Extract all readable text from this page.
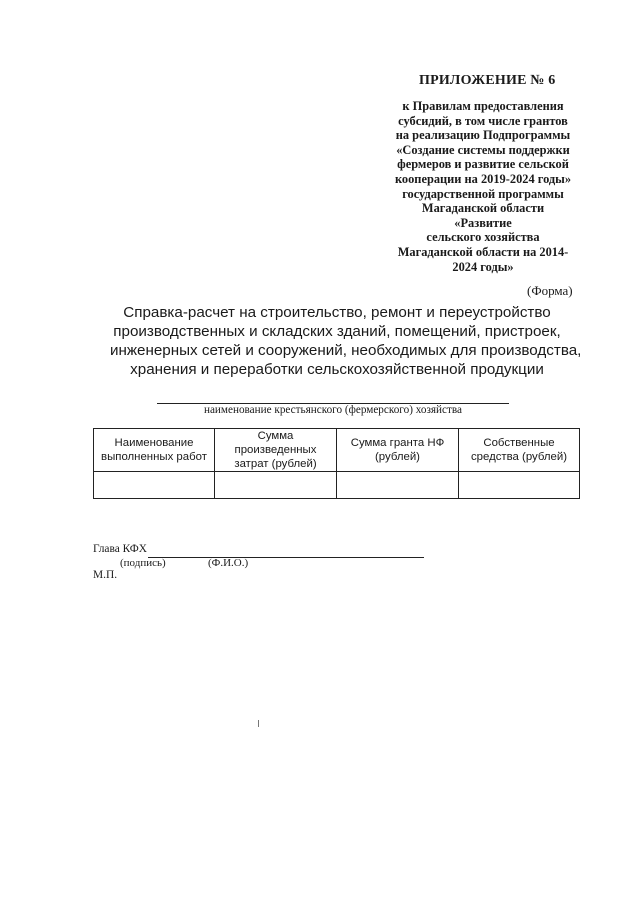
ПРИЛОЖЕНИЕ № 6
к Правилам предоставления
субсидий, в том числе грантов
на реализацию Подпрограммы
«Создание системы поддержки
фермеров и развитие сельской
кооперации на 2019-2024 годы»
государственной программы
Магаданской области
«Развитие
сельского хозяйства
Магаданской области на 2014-
2024 годы»
(Форма)
Справка-расчет на строительство, ремонт и переустройство
производственных и складских зданий, помещений, пристроек,
инженерных сетей и сооружений, необходимых для производства,
хранения и переработки сельскохозяйственной продукции
наименование крестьянского (фермерского) хозяйства
Наименование выполненных работ	Сумма произведенных затрат (рублей)	Сумма гранта НФ (рублей)	Собственные средства (рублей)

Глава КФХ
(подпись)	(Ф.И.О.)
М.П.
